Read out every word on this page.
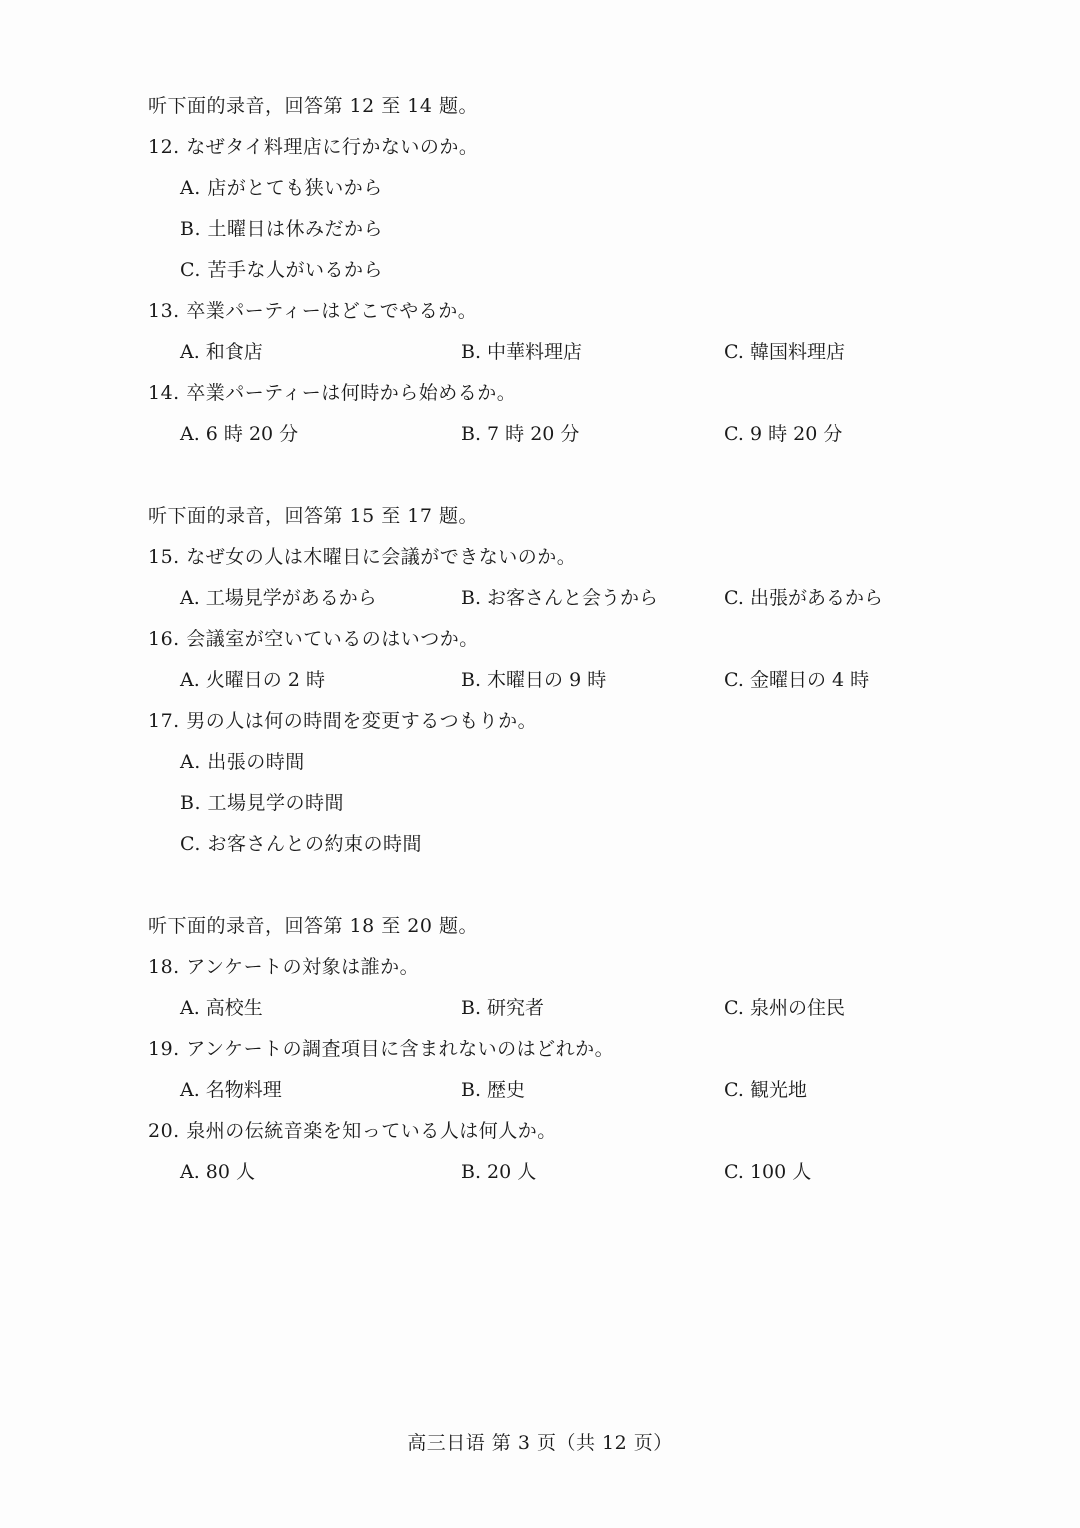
听下面的录音，回答第 12 至 14 题。
12. なぜタイ料理店に行かないのか。
A. 店がとても狭いから
B. 土曜日は休みだから
C. 苦手な人がいるから
13. 卒業パーティーはどこでやるか。
A. 和食店	B. 中華料理店	C. 韓国料理店
14. 卒業パーティーは何時から始めるか。
A. 6 時 20 分	B. 7 時 20 分	C. 9 時 20 分
听下面的录音，回答第 15 至 17 题。
15. なぜ女の人は木曜日に会議ができないのか。
A. 工場見学があるから	B. お客さんと会うから	C. 出張があるから
16. 会議室が空いているのはいつか。
A. 火曜日の 2 時	B. 木曜日の 9 時	C. 金曜日の 4 時
17. 男の人は何の時間を変更するつもりか。
A. 出張の時間
B. 工場見学の時間
C. お客さんとの約束の時間
听下面的录音，回答第 18 至 20 题。
18. アンケートの対象は誰か。
A. 高校生	B. 研究者	C. 泉州の住民
19. アンケートの調査項目に含まれないのはどれか。
A. 名物料理	B. 歴史	C. 観光地
20. 泉州の伝統音楽を知っている人は何人か。
A. 80 人	B. 20 人	C. 100 人
高三日语 第 3 页（共 12 页）
